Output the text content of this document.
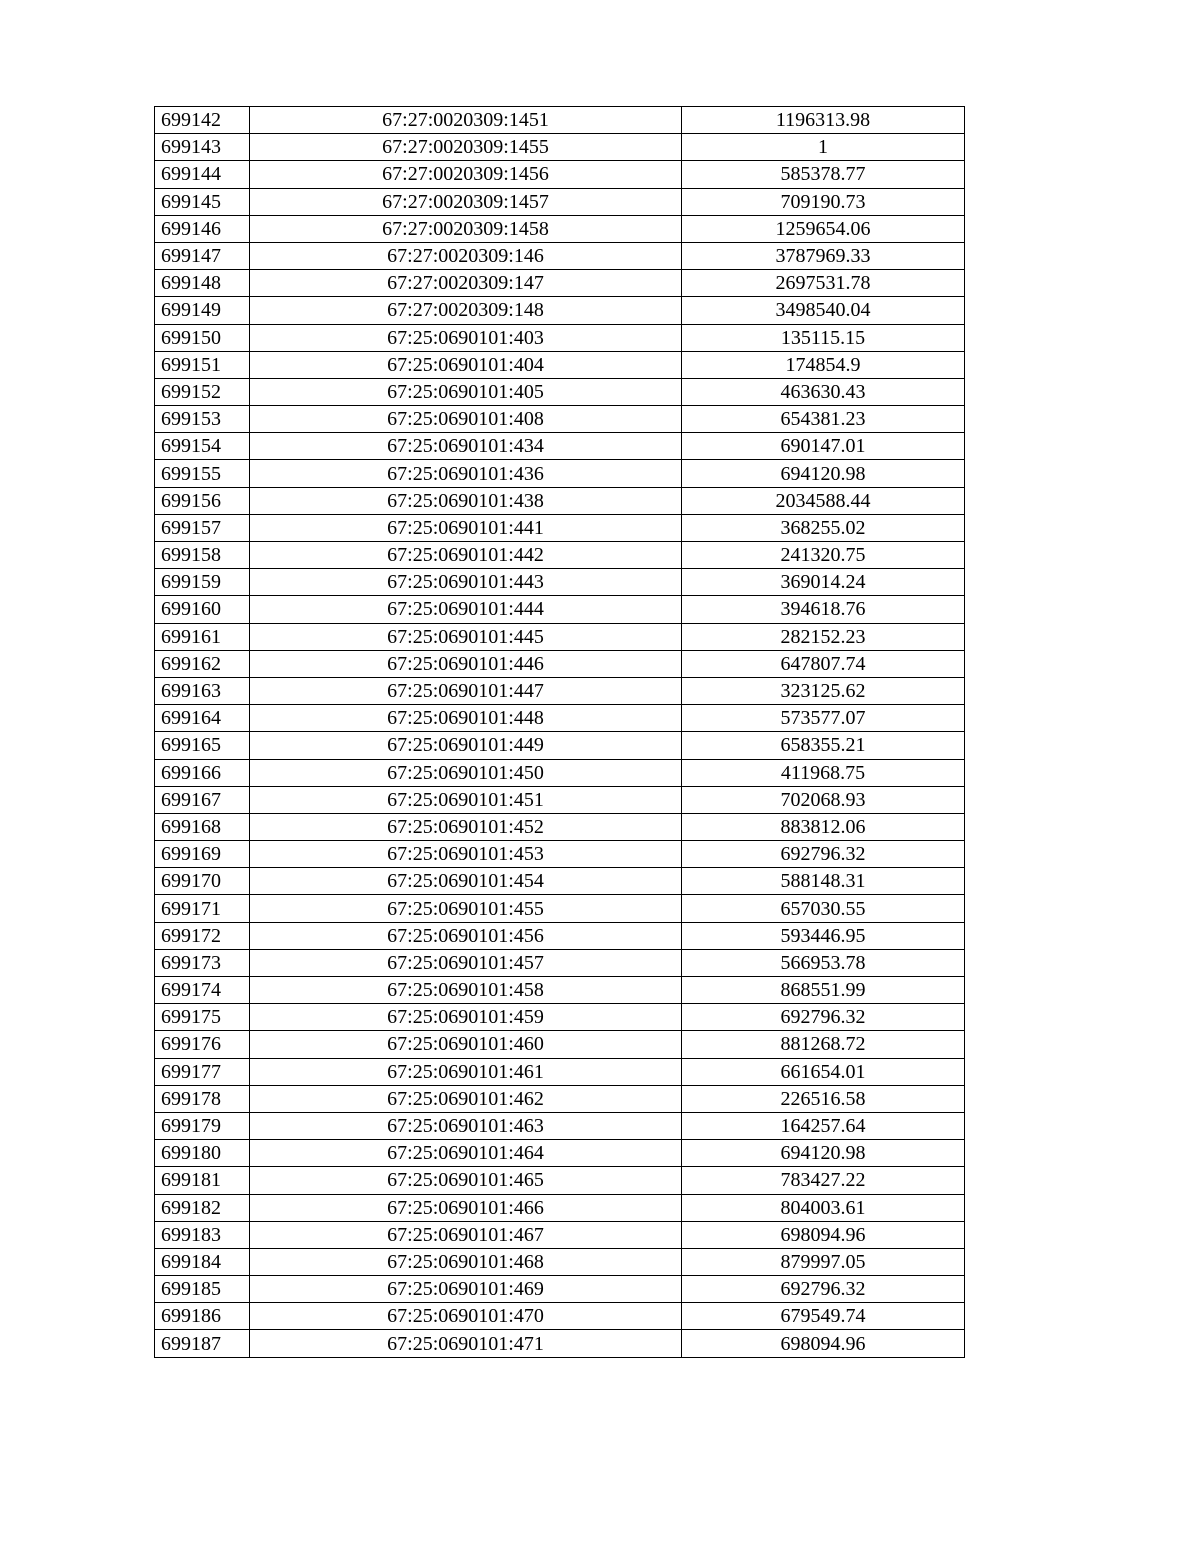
699142	67:27:0020309:1451	1196313.98
699143	67:27:0020309:1455	1
699144	67:27:0020309:1456	585378.77
699145	67:27:0020309:1457	709190.73
699146	67:27:0020309:1458	1259654.06
699147	67:27:0020309:146	3787969.33
699148	67:27:0020309:147	2697531.78
699149	67:27:0020309:148	3498540.04
699150	67:25:0690101:403	135115.15
699151	67:25:0690101:404	174854.9
699152	67:25:0690101:405	463630.43
699153	67:25:0690101:408	654381.23
699154	67:25:0690101:434	690147.01
699155	67:25:0690101:436	694120.98
699156	67:25:0690101:438	2034588.44
699157	67:25:0690101:441	368255.02
699158	67:25:0690101:442	241320.75
699159	67:25:0690101:443	369014.24
699160	67:25:0690101:444	394618.76
699161	67:25:0690101:445	282152.23
699162	67:25:0690101:446	647807.74
699163	67:25:0690101:447	323125.62
699164	67:25:0690101:448	573577.07
699165	67:25:0690101:449	658355.21
699166	67:25:0690101:450	411968.75
699167	67:25:0690101:451	702068.93
699168	67:25:0690101:452	883812.06
699169	67:25:0690101:453	692796.32
699170	67:25:0690101:454	588148.31
699171	67:25:0690101:455	657030.55
699172	67:25:0690101:456	593446.95
699173	67:25:0690101:457	566953.78
699174	67:25:0690101:458	868551.99
699175	67:25:0690101:459	692796.32
699176	67:25:0690101:460	881268.72
699177	67:25:0690101:461	661654.01
699178	67:25:0690101:462	226516.58
699179	67:25:0690101:463	164257.64
699180	67:25:0690101:464	694120.98
699181	67:25:0690101:465	783427.22
699182	67:25:0690101:466	804003.61
699183	67:25:0690101:467	698094.96
699184	67:25:0690101:468	879997.05
699185	67:25:0690101:469	692796.32
699186	67:25:0690101:470	679549.74
699187	67:25:0690101:471	698094.96
